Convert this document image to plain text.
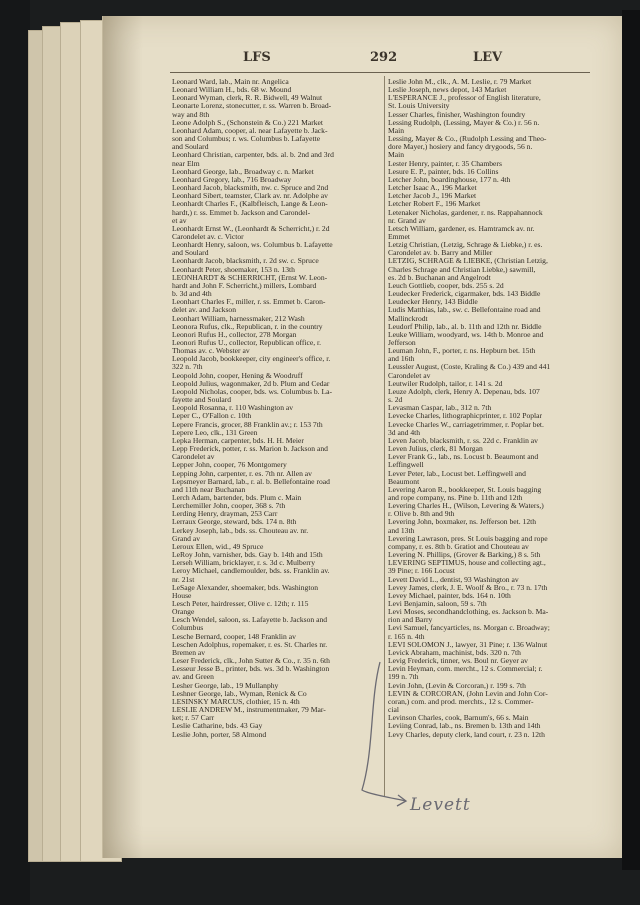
LFS	292	LEV
Leonard Ward, lab., Main nr. Angelica
Leonard William H., bds. 68 w. Mound
Leonard Wyman, clerk, R. R. Bidwell, 49 Walnut
Leonarte Lorenz, stonecutter, r. ss. Warren b. Broad-
way and 8th
Leone Adolph S., (Schonstein & Co.) 221 Market
Leonhard Adam, cooper, al. near Lafayette b. Jack-
son and Columbus; r. ws. Columbus b. Lafayette
and Soulard
Leonhard Christian, carpenter, bds. al. b. 2nd and 3rd
near Elm
Leonhard George, lab., Broadway c. n. Market
Leonhard Gregory, lab., 716 Broadway
Leonhard Jacob, blacksmith, nw. c. Spruce and 2nd
Leonhard Sibert, teamster, Clark av. nr. Adolphe av
Leonhardt Charles F., (Kalbfleisch, Lange & Leon-
hardt,) r. ss. Emmet b. Jackson and Carondel-
et av
Leonhardt Ernst W., (Leonhardt & Scherricht,) r. 2d
Carondelet av. c. Victor
Leonhardt Henry, saloon, ws. Columbus b. Lafayette
and Soulard
Leonhardt Jacob, blacksmith, r. 2d sw. c. Spruce
Leonhardt Peter, shoemaker, 153 n. 13th
LEONHARDT & SCHERRICHT, (Ernst W. Leon-
hardt and John F. Scherricht,) millers, Lombard
b. 3d and 4th
Leonhart Charles F., miller, r. ss. Emmet b. Caron-
delet av. and Jackson
Leonhart William, harnessmaker, 212 Wash
Leonora Rufus, clk., Republican, r. in the country
Leonori Rufus H., collector, 278 Morgan
Leonori Rufus U., collector, Republican office, r.
Thomas av. c. Webster av
Leopold Jacob, bookkeeper, city engineer's office, r.
322 n. 7th
Leopold John, cooper, Hening & Woodruff
Leopold Julius, wagonmaker, 2d b. Plum and Cedar
Leopold Nicholas, cooper, bds. ws. Columbus b. La-
fayette and Soulard
Leopold Rosanna, r. 110 Washington av
Leper C., O'Fallon c. 10th
Lepere Francis, grocer, 88 Franklin av.; r. 153 7th
Lepere Leo, clk., 131 Green
Lepka Herman, carpenter, bds. H. H. Meier
Lepp Frederick, potter, r. ss. Marion b. Jackson and
Carondelet av
Lepper John, cooper, 76 Montgomery
Lepping John, carpenter, r. es. 7th nr. Allen av
Lepsmeyer Barnard, lab., r. al. b. Bellefontaine road
and 11th near Buchanan
Lerch Adam, bartender, bds. Plum c. Main
Lerchemiller John, cooper, 368 s. 7th
Lerding Henry, drayman, 253 Carr
Lerraux George, steward, bds. 174 n. 8th
Lerkey Joseph, lab., bds. ss. Chouteau av. nr.
Grand av
Leroux Ellen, wid., 49 Spruce
LeRoy John, varnisher, bds. Gay b. 14th and 15th
Lerseh William, bricklayer, r. s. 3d c. Mulberry
Leroy Michael, candlemoulder, bds. ss. Franklin av.
nr. 21st
LeSage Alexander, shoemaker, bds. Washington
House
Lesch Peter, hairdresser, Olive c. 12th; r. 115
Orange
Lesch Wendel, saloon, ss. Lafayette b. Jackson and
Columbus
Lesche Bernard, cooper, 148 Franklin av
Leschen Adolphus, ropemaker, r. es. St. Charles nr.
Bremen av
Leser Frederick, clk., John Sutter & Co., r. 35 n. 6th
Lesseur Jesse B., printer, bds. ws. 3d b. Washington
av. and Green
Lesher George, lab., 19 Mullanphy
Leshner George, lab., Wyman, Renick & Co
LESINSKY MARCUS, clothier, 15 n. 4th
LESLIE ANDREW M., instrumentmaker, 79 Mar-
ket; r. 57 Carr
Leslie Catharine, bds. 43 Gay
Leslie John, porter, 58 Almond
Leslie John M., clk., A. M. Leslie, r. 79 Market
Leslie Joseph, news depot, 143 Market
L'ESPERANCE J., professor of English literature,
St. Louis University
Lesser Charles, finisher, Washington foundry
Lessing Rudolph, (Lessing, Mayer & Co.) r. 56 n.
Main
Lessing, Mayer & Co., (Rudolph Lessing and Theo-
dore Mayer,) hosiery and fancy drygoods, 56 n.
Main
Lester Henry, painter, r. 35 Chambers
Lesure E. P., painter, bds. 16 Collins
Letcher John, boardinghouse, 177 n. 4th
Letcher Isaac A., 196 Market
Letcher Jacob J., 196 Market
Letcher Robert F., 196 Market
Letenaker Nicholas, gardener, r. ns. Rappahannock
nr. Grand av
Letsch William, gardener, es. Hamtramck av. nr.
Emmet
Letzig Christian, (Letzig, Schrage & Liebke,) r. es.
Carondelet av. b. Barry and Miller
LETZIG, SCHRAGE & LIEBKE, (Christian Letzig,
Charles Schrage and Christian Liebke,) sawmill,
es. 2d b. Buchanan and Angelrodt
Leuch Gottlieb, cooper, bds. 255 s. 2d
Leudecker Frederick, cigarmaker, bds. 143 Biddle
Leudecker Henry, 143 Biddle
Ludis Matthias, lab., sw. c. Bellefontaine road and
Mallinckrodt
Leudorf Philip, lab., al. b. 11th and 12th nr. Biddle
Leuke William, woodyard, ws. 14th b. Monroe and
Jefferson
Leuman John, F., porter, r. ns. Hepburn bet. 15th
and 16th
Leussler August, (Coste, Kraling & Co.) 439 and 441
Carondelet av
Leutwiler Rudolph, tailor, r. 141 s. 2d
Leuze Adolph, clerk, Henry A. Depenau, bds. 107
s. 2d
Levasman Caspar, lab., 312 n. 7th
Levecke Charles, lithographicprinter, r. 102 Poplar
Levecke Charles W., carriagetrimmer, r. Poplar bet.
3d and 4th
Leven Jacob, blacksmith, r. ss. 22d c. Franklin av
Leven Julius, clerk, 81 Morgan
Lever Frank G., lab., ns. Locust b. Beaumont and
Leffingwell
Lever Peter, lab., Locust bet. Leffingwell and
Beaumont
Levering Aaron R., bookkeeper, St. Louis bagging
and rope company, ns. Pine b. 11th and 12th
Levering Charles H., (Wilson, Levering & Waters,)
r. Olive b. 8th and 9th
Levering John, boxmaker, ns. Jefferson bet. 12th
and 13th
Levering Lawrason, pres. St Louis bagging and rope
company, r. es. 8th b. Gratiot and Chouteau av
Levering N. Phillips, (Grover & Barking,) 8 s. 5th
LEVERING SEPTIMUS, house and collecting agt.,
39 Pine; r. 166 Locust
Levett David L., dentist, 93 Washington av
Levey James, clerk, J. E. Woolf & Bro., r. 73 n. 17th
Levey Michael, painter, bds. 164 n. 10th
Levi Benjamin, saloon, 59 s. 7th
Levi Moses, secondhandclothing, es. Jackson b. Ma-
rion and Barry
Levi Samuel, fancyarticles, ns. Morgan c. Broadway;
r. 165 n. 4th
LEVI SOLOMON J., lawyer, 31 Pine; r. 136 Walnut
Levick Abraham, machinist, bds. 320 n. 7th
Levig Frederick, tinner, ws. Boul nr. Geyer av
Levin Heyman, com. mercht., 12 s. Commercial; r.
199 n. 7th
Levin John, (Levin & Corcoran,) r. 199 s. 7th
LEVIN & CORCORAN, (John Levin and John Cor-
coran,) com. and prod. merchts., 12 s. Commer-
cial
Levinson Charles, cook, Barnum's, 66 s. Main
Leviing Conrad, lab., ns. Bremen b. 13th and 14th
Levy Charles, deputy clerk, land court, r. 23 n. 12th
Levett
